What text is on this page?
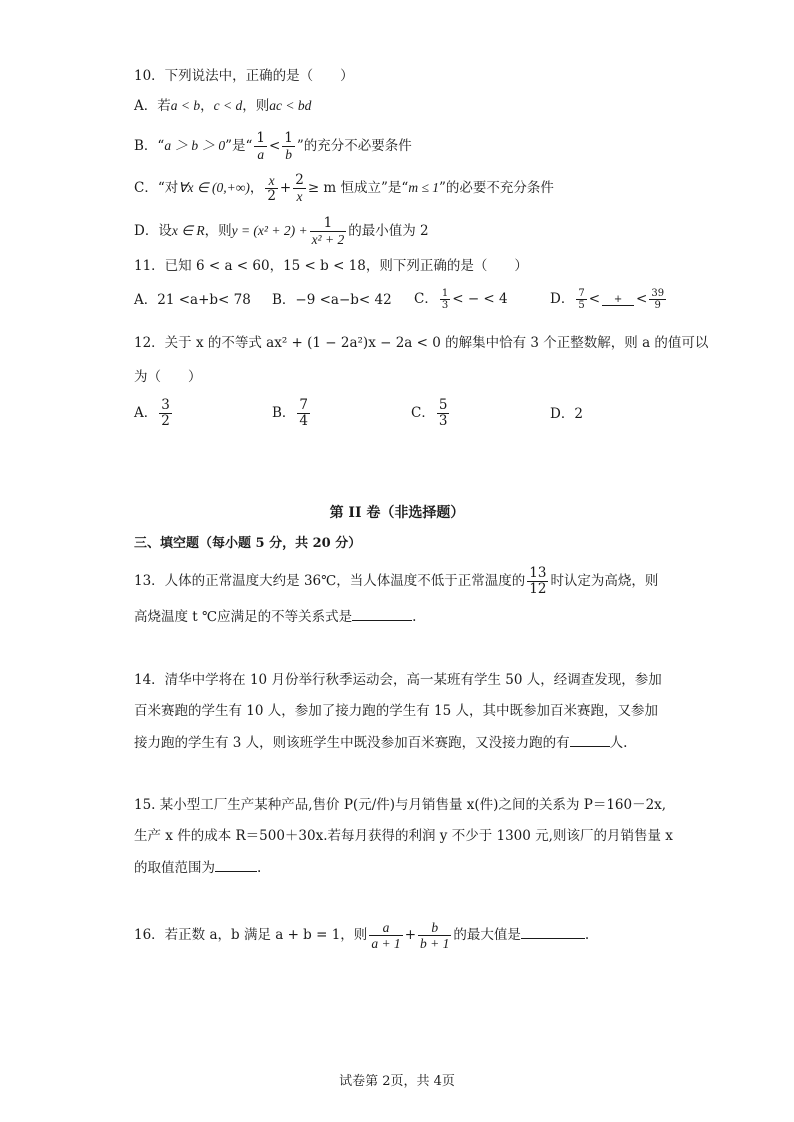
10．下列说法中，正确的是（　　）
A．若a < b，c < d，则ac < bd
B．“a ＞ b ＞ 0”是“ $\frac{1}{a} < \frac{1}{b}$ ”的充分不必要条件
C．“对∀x ∈ (0,+∞)， $\frac{x}{2} + \frac{2}{x} \ge m$ 恒成立”是“m ≤ 1”的必要不充分条件
D．设x ∈ R，则$y = (x^2 + 2) + \frac{1}{\text{x² + 2}}$ 的最小值为 2
11．已知 6 < a < 60，15 < b < 18，则下列正确的是（　　）
A．21 <a+b< 78 B．−9 <a−b< 42 C． $\frac{1}{3}$ < − < 4	D． $\frac{7}{5}$ <	+	< $\frac{39}{9}$
12．关于 x 的不等式 ax² + (1 − 2a²)x − 2a < 0 的解集中恰有 3 个正整数解，则 a 的值可以
为（　　）
A． $\frac{3}{2}$	B． $\frac{7}{4}$	C． $\frac{5}{3}$	D．2
第 II 卷（非选择题）
三、填空题（每小题 5 分，共 20 分）
13．人体的正常温度大约是 36℃，当人体温度不低于正常温度的 $\frac{13}{12}$ 时认定为高烧，则
高烧温度 t ℃应满足的不等关系式是	.
14．清华中学将在 10 月份举行秋季运动会，高一某班有学生 50 人，经调查发现，参加
百米赛跑的学生有 10 人，参加了接力跑的学生有 15 人，其中既参加百米赛跑，又参加
接力跑的学生有 3 人，则该班学生中既没参加百米赛跑，又没接力跑的有	人.
15. 某小型工厂生产某种产品,售价 P(元/件)与月销售量 x(件)之间的关系为 P＝160－2x,
生产 x 件的成本 R＝500＋30x.若每月获得的利润 y 不少于 1300 元,则该厂的月销售量 x
的取值范围为	.
16．若正数 a，b 满足 a + b = 1，则 $\frac{a}{a + 1} + \frac{b}{b + 1}$ 的最大值是	.
试卷第 2页，共 4页
